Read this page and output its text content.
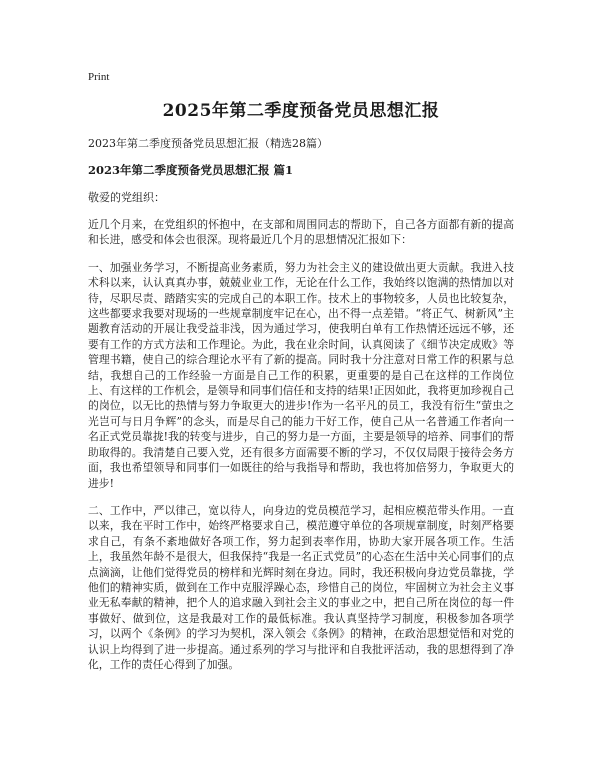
Print
2025年第二季度预备党员思想汇报

2023年第二季度预备党员思想汇报（精选28篇）

2023年第二季度预备党员思想汇报 篇1

敬爱的党组织：

近几个月来，在党组织的怀抱中，在支部和周围同志的帮助下，自己各方面都有新的提高和长进，感受和体会也很深。现将最近几个月的思想情况汇报如下：

一、加强业务学习，不断提高业务素质，努力为社会主义的建设做出更大贡献。我进入技术科以来，认认真真办事，兢兢业业工作，无论在什么工作，我始终以饱满的热情加以对待，尽职尽责、踏踏实实的完成自己的本职工作。技术上的事物较多，人员也比较复杂，这些都要求我要对现场的一些规章制度牢记在心，出不得一点差错。“将正气、树新风”主题教育活动的开展让我受益非浅，因为通过学习，使我明白单有工作热情还远远不够，还要有工作的方式方法和工作理论。为此，我在业余时间，认真阅读了《细节决定成败》等管理书籍，使自己的综合理论水平有了新的提高。同时我十分注意对日常工作的积累与总结，我想自己的工作经验一方面是自己工作的积累，更重要的是自己在这样的工作岗位上、有这样的工作机会，是领导和同事们信任和支持的结果!正因如此，我将更加珍视自己的岗位，以无比的热情与努力争取更大的进步!作为一名平凡的员工，我没有衍生“萤虫之光岂可与日月争辉”的念头，而是尽自己的能力干好工作，使自己从一名普通工作者向一名正式党员靠拢!我的转变与进步，自己的努力是一方面，主要是领导的培养、同事们的帮助取得的。我清楚自己要入党，还有很多方面需要不断的学习，不仅仅局限于接待会务方面，我也希望领导和同事们一如既往的给与我指导和帮助，我也将加倍努力，争取更大的进步!

二、工作中，严以律己，宽以待人，向身边的党员模范学习，起相应模范带头作用。一直以来，我在平时工作中，始终严格要求自己，模范遵守单位的各项规章制度，时刻严格要求自己，有条不紊地做好各项工作，努力起到表率作用，协助大家开展各项工作。生活上，我虽然年龄不是很大，但我保持“我是一名正式党员”的心态在生活中关心同事们的点点滴滴，让他们觉得党员的榜样和光辉时刻在身边。同时，我还积极向身边党员靠拢，学他们的精神实质，做到在工作中克服浮躁心态，珍惜自己的岗位，牢固树立为社会主义事业无私奉献的精神，把个人的追求融入到社会主义的事业之中，把自己所在岗位的每一件事做好、做到位，这是我最对工作的最低标准。我认真坚持学习制度，积极参加各项学习，以两个《条例》的学习为契机，深入领会《条例》的精神，在政治思想觉悟和对党的认识上均得到了进一步提高。通过系列的学习与批评和自我批评活动，我的思想得到了净化，工作的责任心得到了加强。
